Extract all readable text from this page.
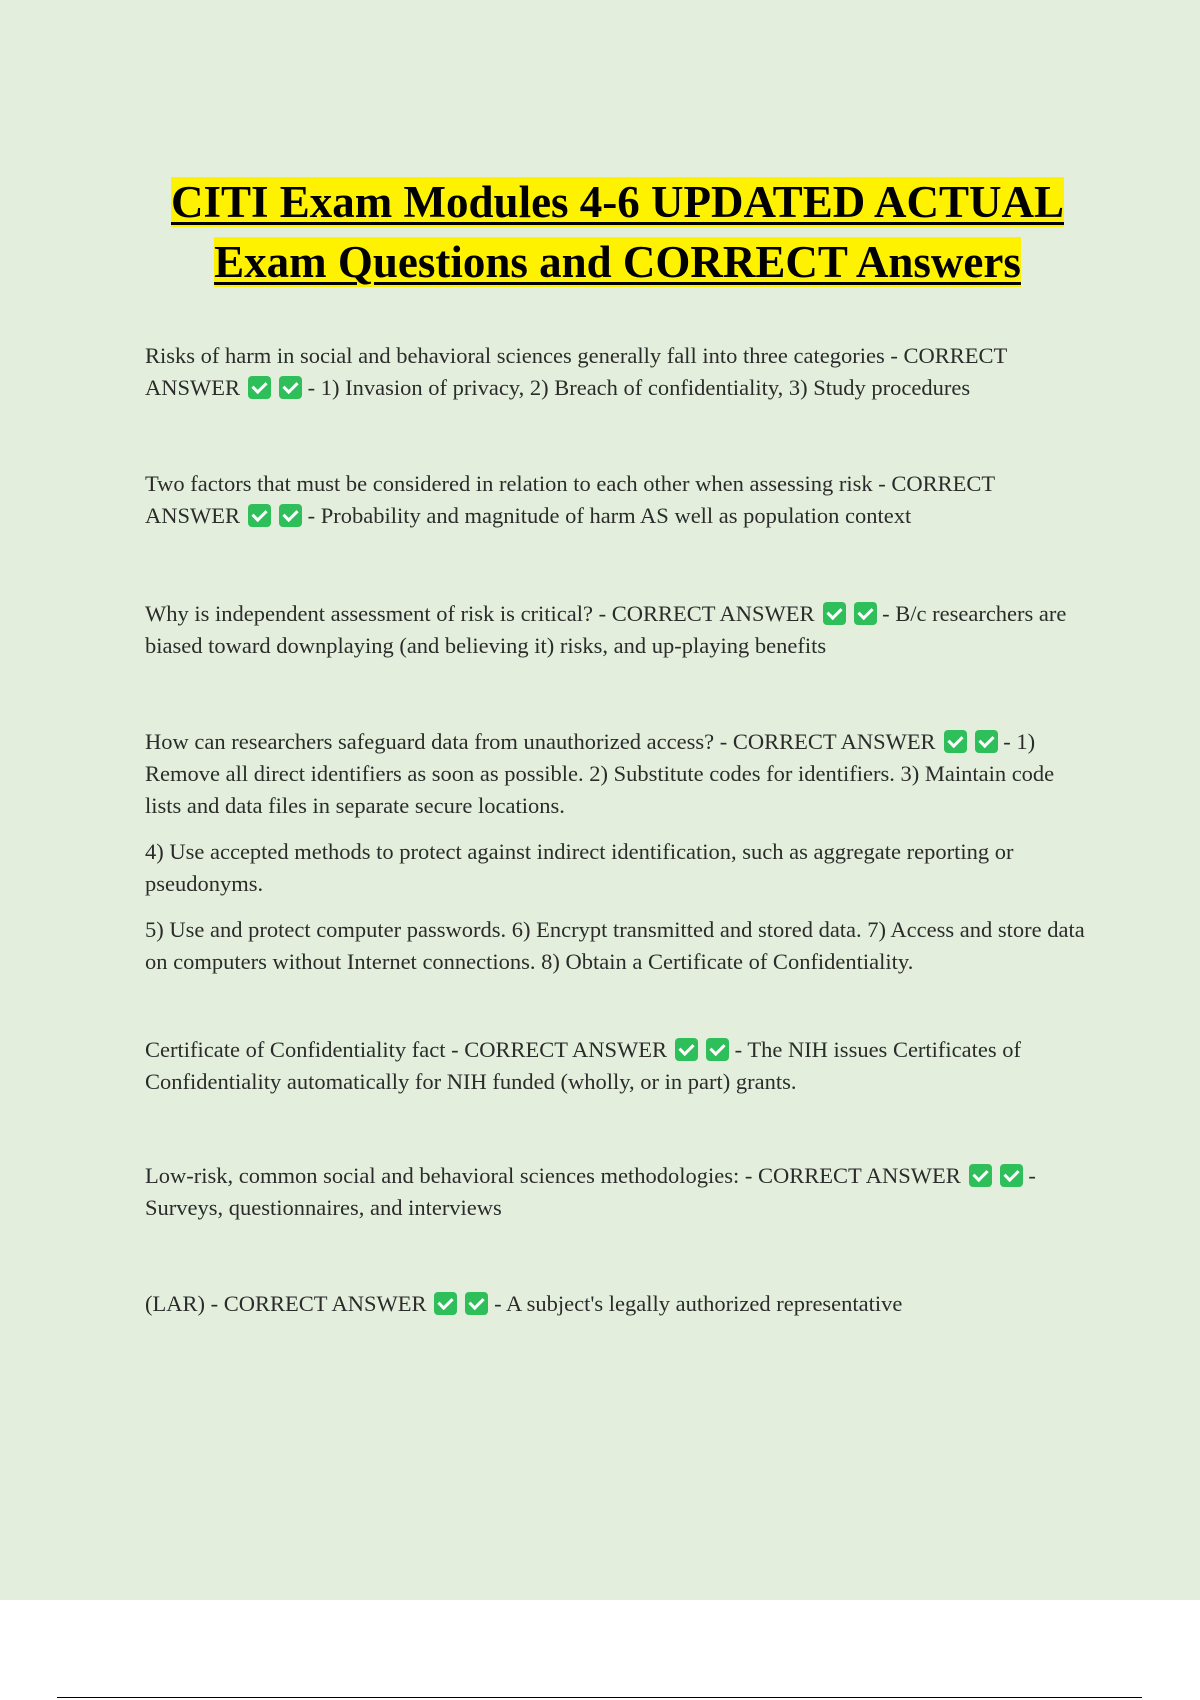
CITI Exam Modules 4-6 UPDATED ACTUAL Exam Questions and CORRECT Answers

Risks of harm in social and behavioral sciences generally fall into three categories - CORRECT ANSWER	- 1) Invasion of privacy, 2) Breach of confidentiality, 3) Study procedures

Two factors that must be considered in relation to each other when assessing risk - CORRECT ANSWER	- Probability and magnitude of harm AS well as population context

Why is independent assessment of risk is critical? - CORRECT ANSWER	- B/c researchers are biased toward downplaying (and believing it) risks, and up-playing benefits

How can researchers safeguard data from unauthorized access? - CORRECT ANSWER	- 1) Remove all direct identifiers as soon as possible. 2) Substitute codes for identifiers. 3) Maintain code lists and data files in separate secure locations.

4) Use accepted methods to protect against indirect identification, such as aggregate reporting or pseudonyms.

5) Use and protect computer passwords. 6) Encrypt transmitted and stored data. 7) Access and store data on computers without Internet connections. 8) Obtain a Certificate of Confidentiality.

Certificate of Confidentiality fact - CORRECT ANSWER	- The NIH issues Certificates of Confidentiality automatically for NIH funded (wholly, or in part) grants.

Low-risk, common social and behavioral sciences methodologies: - CORRECT ANSWER	- Surveys, questionnaires, and interviews

(LAR) - CORRECT ANSWER	- A subject's legally authorized representative
